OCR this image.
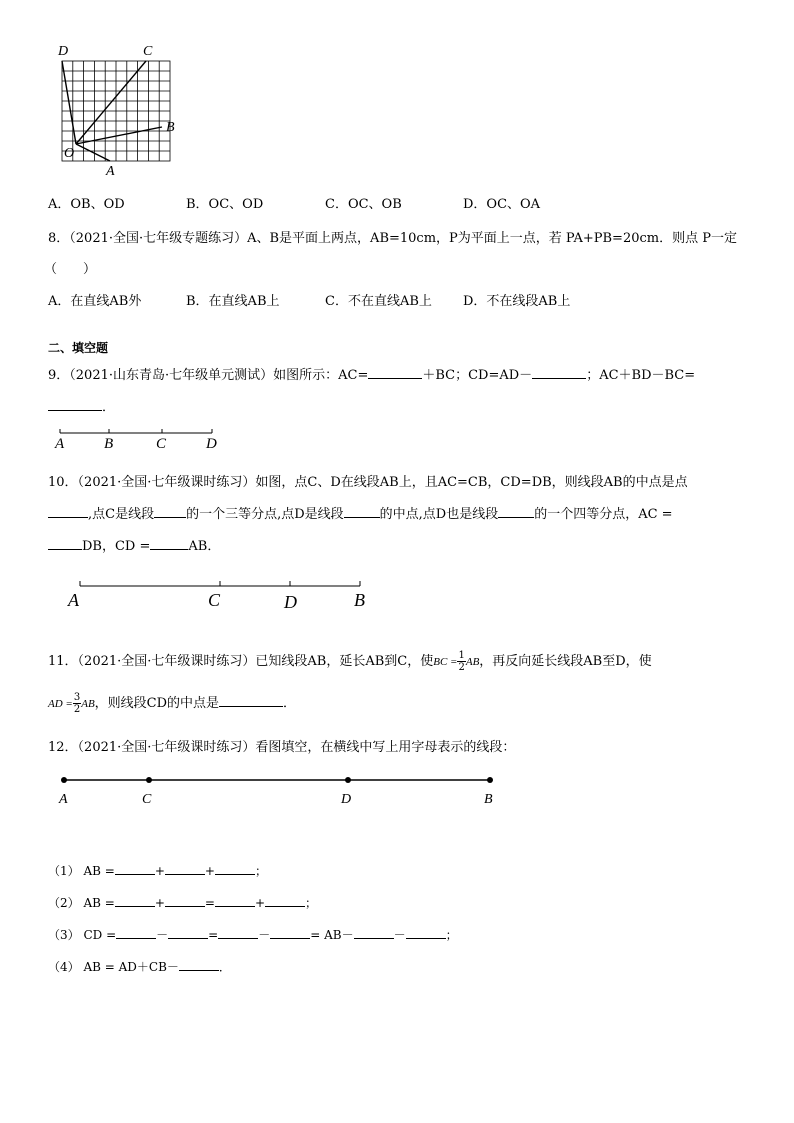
D	C
B
O
A
A．OB、OD	B．OC、OD	C．OC、OB	D．OC、OA
8．（2021·全国·七年级专题练习）A、B是平面上两点，AB=10cm，P为平面上一点，若 PA+PB=20cm．则点 P一定
（　　）
A．在直线AB外	B．在直线AB上	C．不在直线AB上 D．不在线段AB上
二、填空题
9．（2021·山东青岛·七年级单元测试）如图所示：AC=	＋BC；CD=AD－	；AC＋BD－BC=
．
A	B	C	D
10．（2021·全国·七年级课时练习）如图，点C、D在线段AB上，且AC=CB，CD=DB，则线段AB的中点是点
,点C是线段 的一个三等分点,点D是线段	的中点,点D也是线段	的一个四等分点，AC =
DB，CD =	AB．
A	C	D	B
11．（2021·全国·七年级课时练习）已知线段AB，延长AB到C，使BC = $\frac{1}{2}$ AB，再反向延长线段AB至D，使
AD = $\frac{3}{2}$ AB，则线段CD的中点是	．
12．（2021·全国·七年级课时练习）看图填空，在横线中写上用字母表示的线段：
A	C	D	B
（1） AB =	+	+	；
（2） AB =	+	=	+	；
（3） CD =	－	=	－	= AB－	－	；
（4） AB = AD＋CB－	．
